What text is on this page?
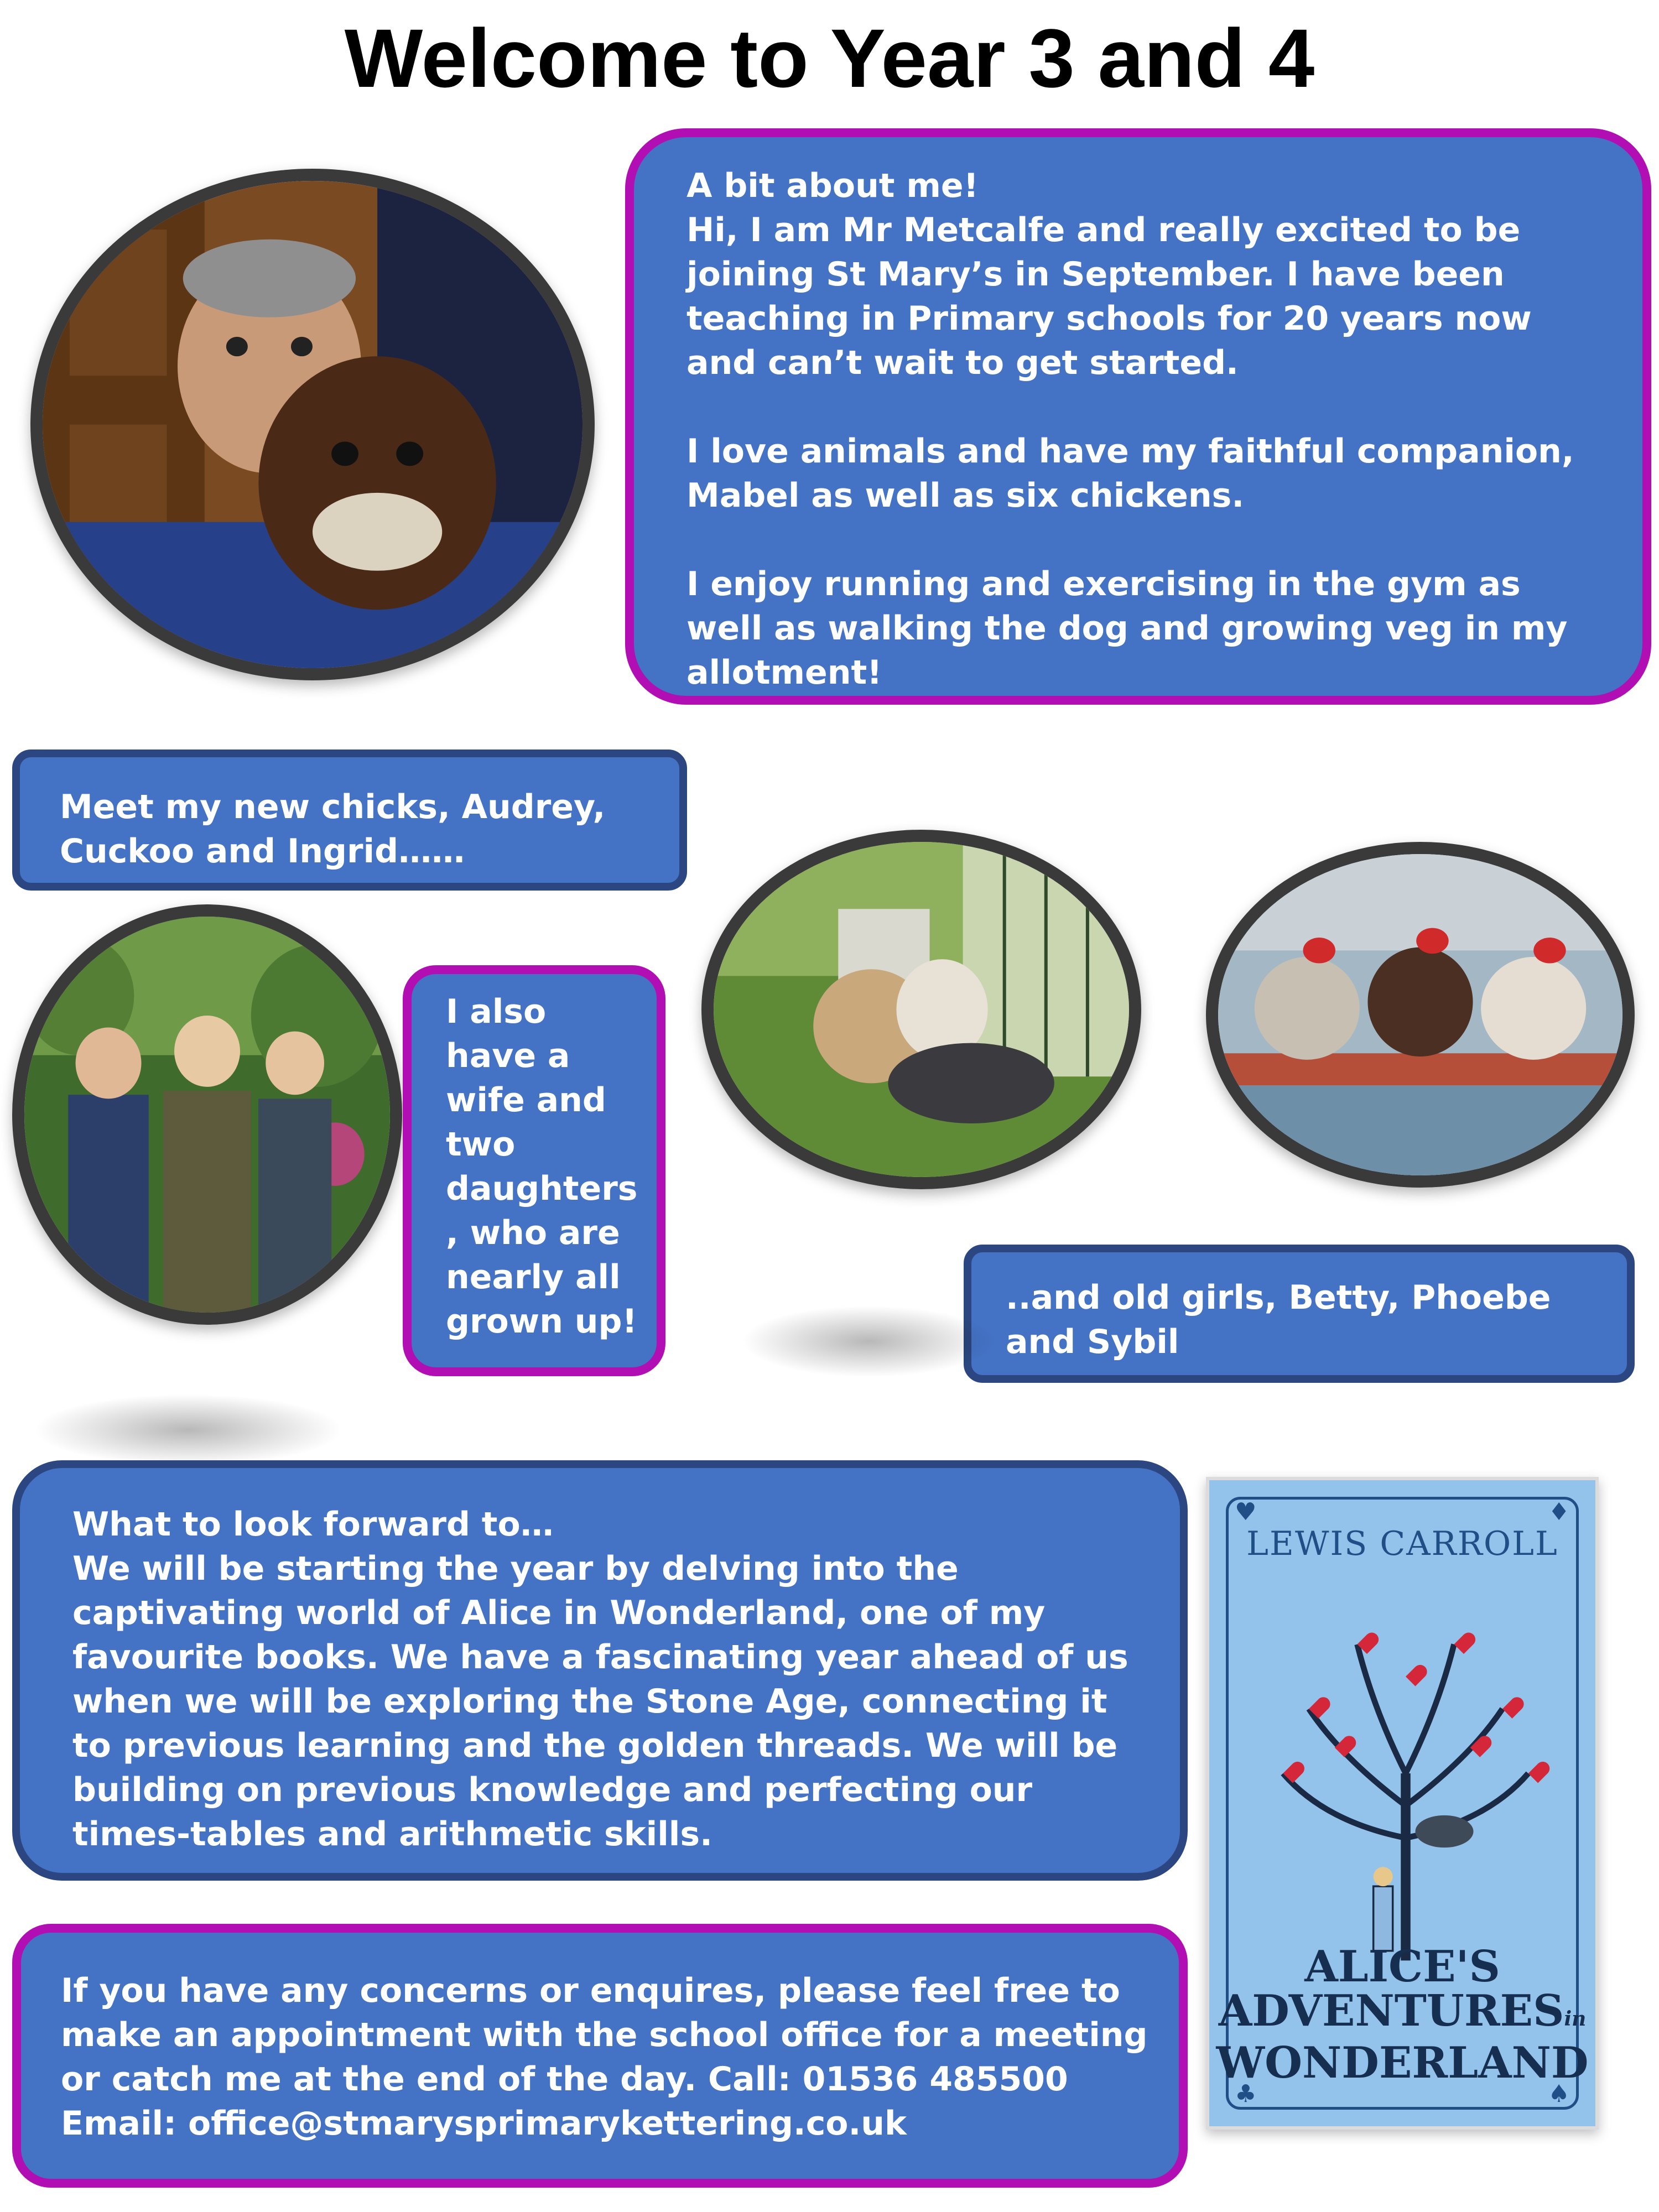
Welcome to Year 3 and 4
A bit about me!
Hi, I am Mr Metcalfe and really excited to be joining St Mary’s in September. I have been teaching in Primary schools for 20 years now and can’t wait to get started.

I love animals and have my faithful companion, Mabel as well as six chickens.

I enjoy running and exercising in the gym as well as walking the dog and growing veg in my allotment!
Meet my new chicks, Audrey, Cuckoo and Ingrid……
I also have a wife and two daughters , who are nearly all grown up!
..and old girls, Betty, Phoebe and Sybil
What to look forward to…
We will be starting the year by delving into the captivating world of Alice in Wonderland, one of my favourite books. We have a fascinating year ahead of us when we will be exploring the Stone Age, connecting it to previous learning and the golden threads. We will be building on previous knowledge and perfecting our times-tables and arithmetic skills.
If you have any concerns or enquires, please feel free to make an appointment with the school office for a meeting or catch me at the end of the day. Call: 01536 485500 Email: office@stmarysprimarykettering.co.uk
♥	♦
♣	♠
LEWIS CARROLL
ALICE'S
ADVENTURESin
WONDERLAND
